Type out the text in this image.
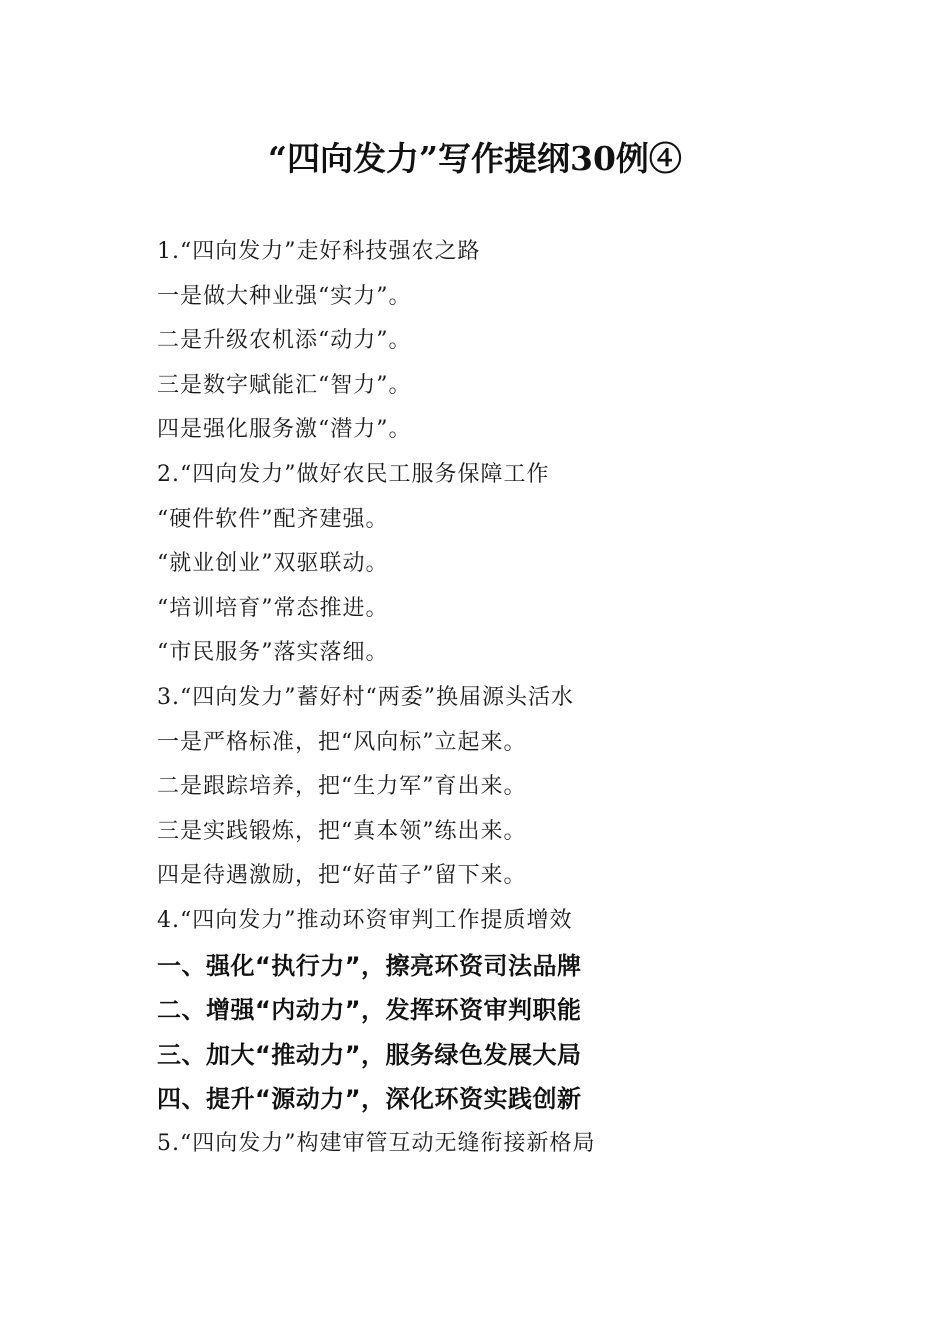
“四向发力”写作提纲30例④
1.“四向发力”走好科技强农之路
一是做大种业强“实力”。
二是升级农机添“动力”。
三是数字赋能汇“智力”。
四是强化服务激“潜力”。
2.“四向发力”做好农民工服务保障工作
“硬件软件”配齐建强。
“就业创业”双驱联动。
“培训培育”常态推进。
“市民服务”落实落细。
3.“四向发力”蓄好村“两委”换届源头活水
一是严格标准，把“风向标”立起来。
二是跟踪培养，把“生力军”育出来。
三是实践锻炼，把“真本领”练出来。
四是待遇激励，把“好苗子”留下来。
4.“四向发力”推动环资审判工作提质增效
一、强化“执行力”，擦亮环资司法品牌
二、增强“内动力”，发挥环资审判职能
三、加大“推动力”，服务绿色发展大局
四、提升“源动力”，深化环资实践创新
5.“四向发力”构建审管互动无缝衔接新格局
